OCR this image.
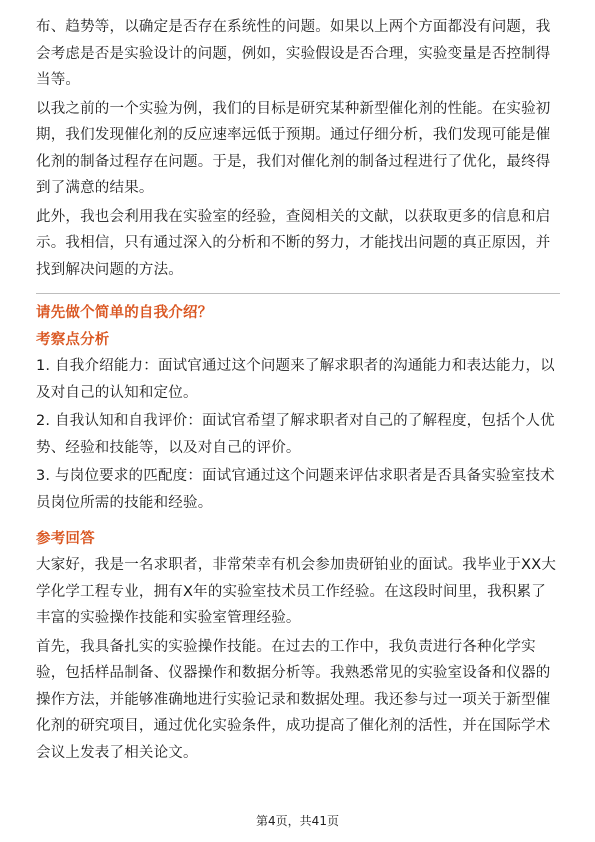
布、趋势等，以确定是否存在系统性的问题。如果以上两个方面都没有问题，我会考虑是否是实验设计的问题，例如，实验假设是否合理，实验变量是否控制得当等。

以我之前的一个实验为例，我们的目标是研究某种新型催化剂的性能。在实验初期，我们发现催化剂的反应速率远低于预期。通过仔细分析，我们发现可能是催化剂的制备过程存在问题。于是，我们对催化剂的制备过程进行了优化，最终得到了满意的结果。

此外，我也会利用我在实验室的经验，查阅相关的文献，以获取更多的信息和启示。我相信，只有通过深入的分析和不断的努力，才能找出问题的真正原因，并找到解决问题的方法。

请先做个简单的自我介绍？

考察点分析

1. 自我介绍能力：面试官通过这个问题来了解求职者的沟通能力和表达能力，以及对自己的认知和定位。

2. 自我认知和自我评价：面试官希望了解求职者对自己的了解程度，包括个人优势、经验和技能等，以及对自己的评价。

3. 与岗位要求的匹配度：面试官通过这个问题来评估求职者是否具备实验室技术员岗位所需的技能和经验。

参考回答

大家好，我是一名求职者，非常荣幸有机会参加贵研铂业的面试。我毕业于XX大学化学工程专业，拥有X年的实验室技术员工作经验。在这段时间里，我积累了丰富的实验操作技能和实验室管理经验。

首先，我具备扎实的实验操作技能。在过去的工作中，我负责进行各种化学实验，包括样品制备、仪器操作和数据分析等。我熟悉常见的实验室设备和仪器的操作方法，并能够准确地进行实验记录和数据处理。我还参与过一项关于新型催化剂的研究项目，通过优化实验条件，成功提高了催化剂的活性，并在国际学术会议上发表了相关论文。

第4页，共41页
